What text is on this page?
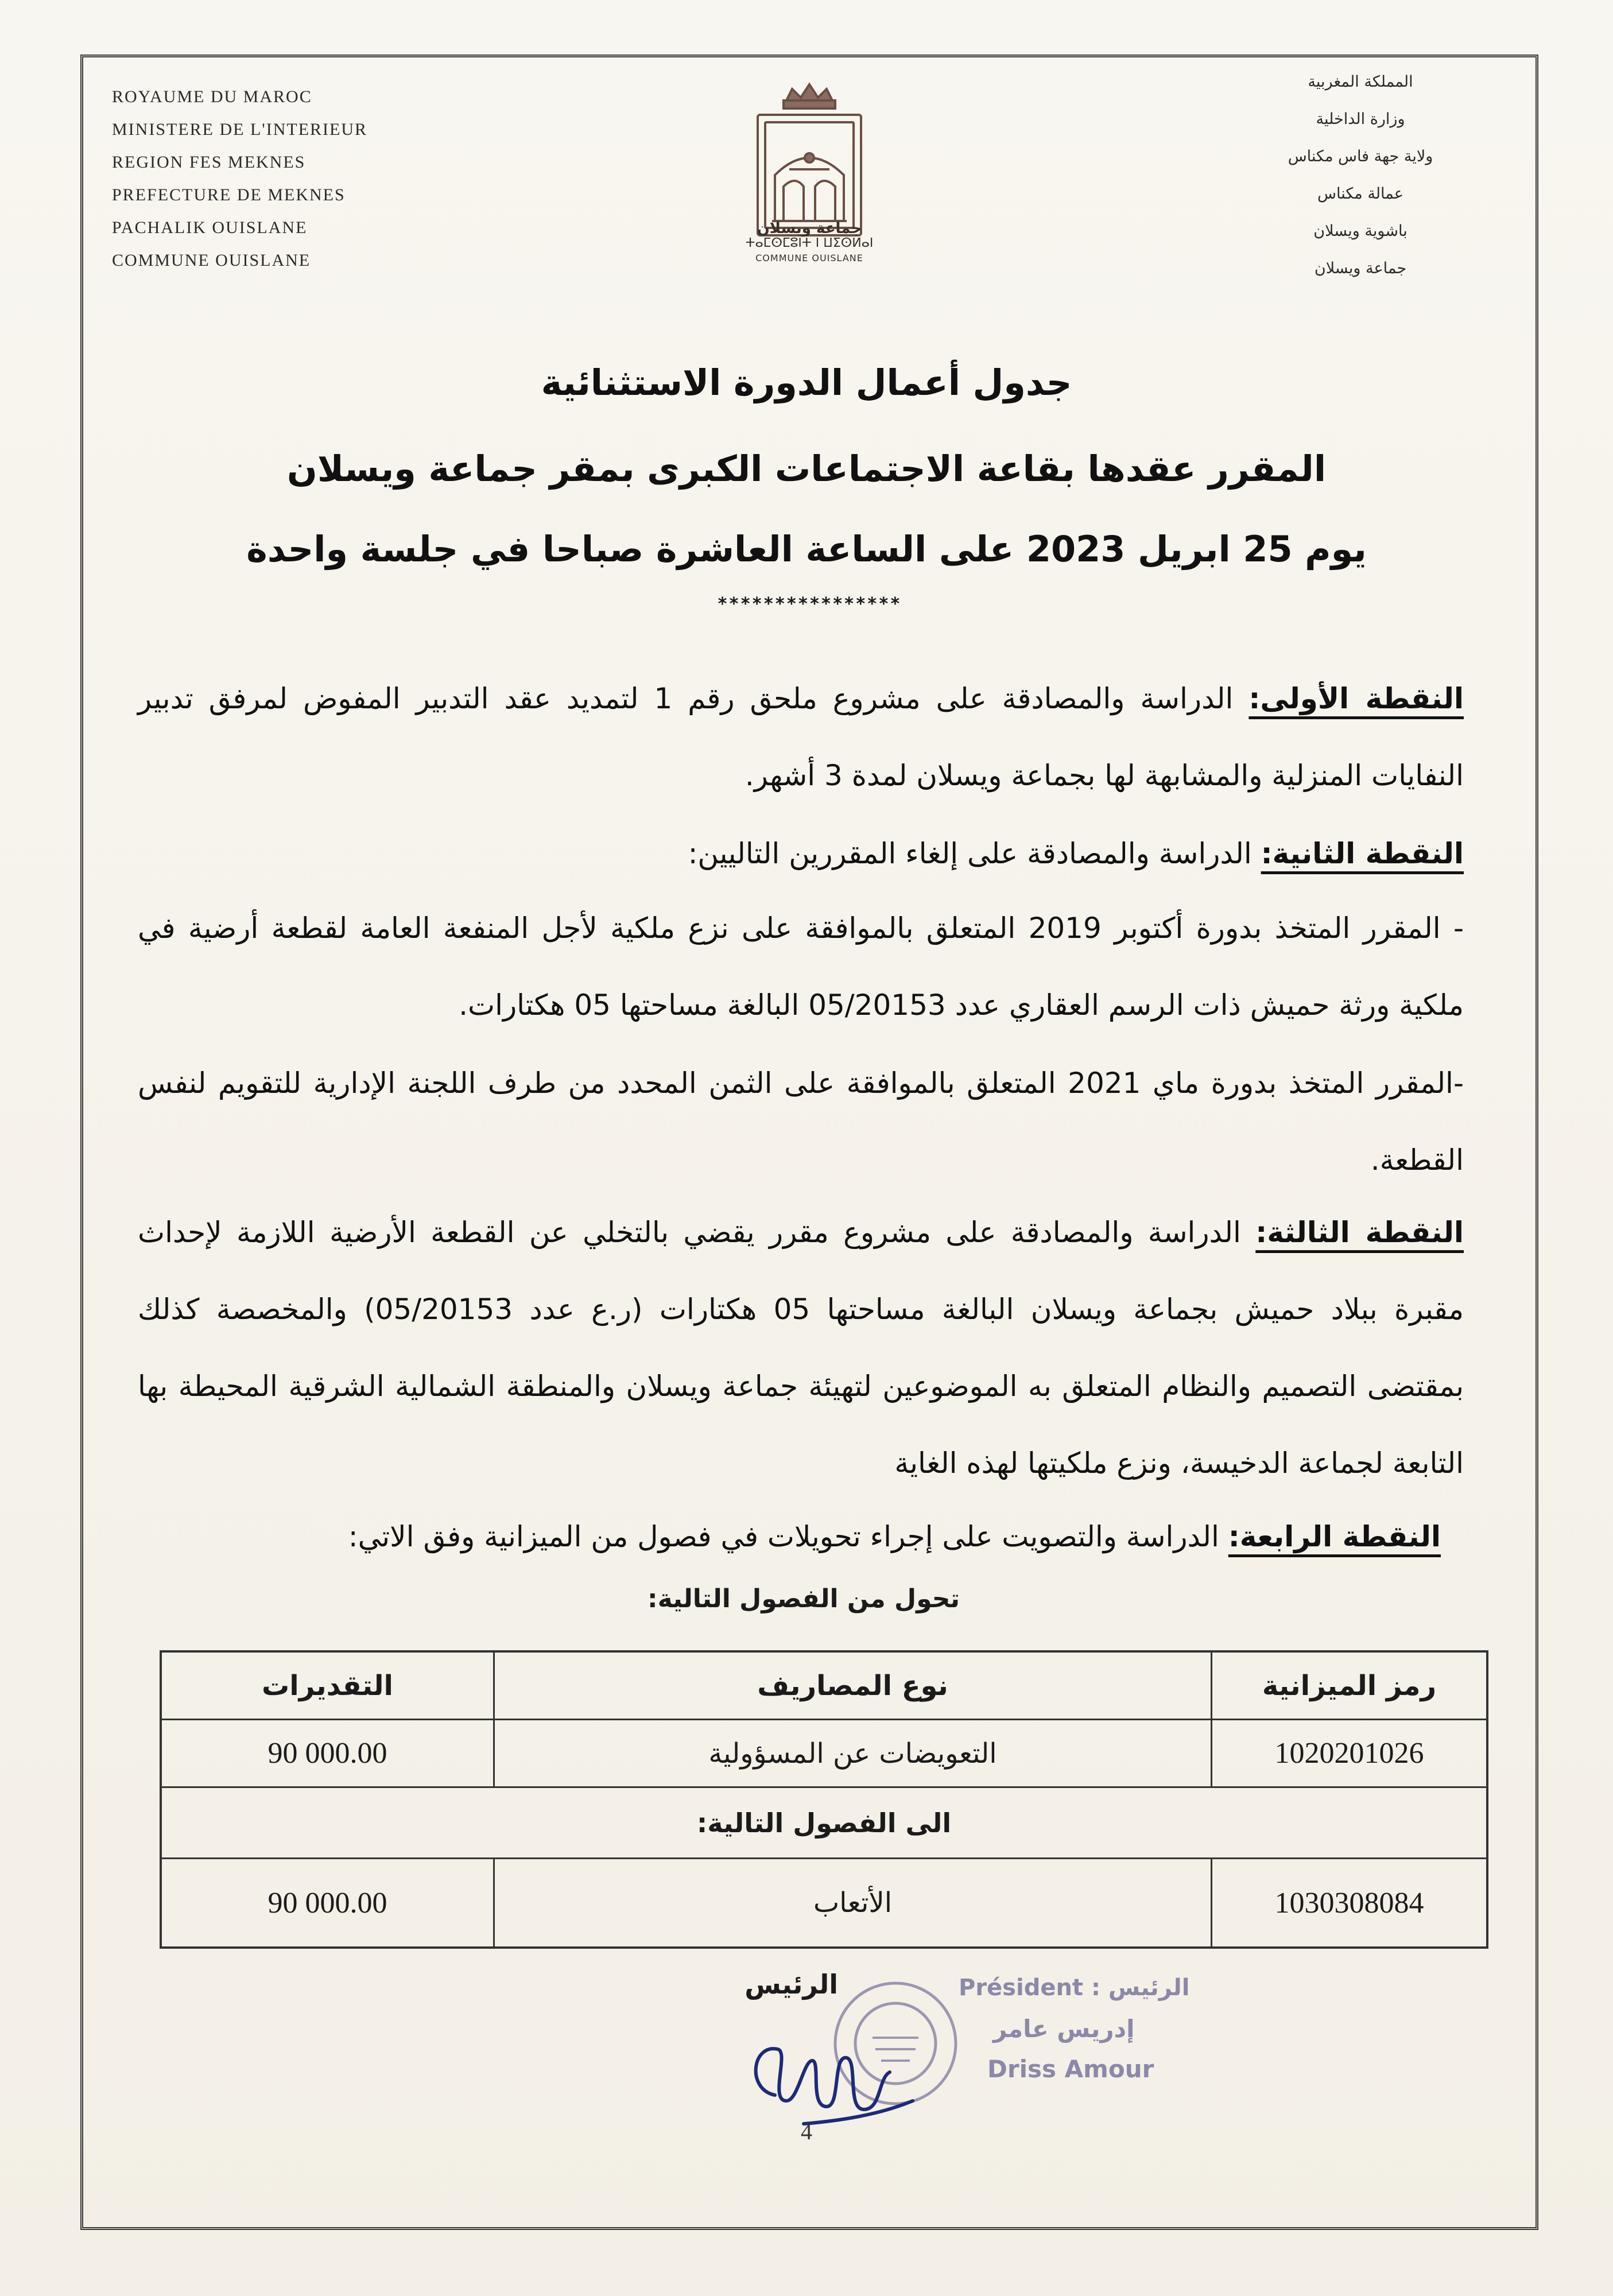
ROYAUME DU MAROC
MINISTERE DE L'INTERIEUR
REGION FES MEKNES
PREFECTURE DE MEKNES
PACHALIK OUISLANE
COMMUNE OUISLANE
جماعة ويسلان
ⵜⴰⵎⵙⵎⵓⵏⵜ ⵏ ⵡⵉⵙⵍⴰⵏ
COMMUNE OUISLANE
المملكة المغربية
وزارة الداخلية
ولاية جهة فاس مكناس
عمالة مكناس
باشوية ويسلان
جماعة ويسلان
جدول أعمال الدورة الاستثنائية
المقرر عقدها بقاعة الاجتماعات الكبرى بمقر جماعة ويسلان
يوم 25 ابريل 2023 على الساعة العاشرة صباحا في جلسة واحدة
****************
النقطة الأولى: الدراسة والمصادقة على مشروع ملحق رقم 1 لتمديد عقد التدبير المفوض لمرفق تدبير النفايات المنزلية والمشابهة لها بجماعة ويسلان لمدة 3 أشهر.
النقطة الثانية: الدراسة والمصادقة على إلغاء المقررين التاليين:
- المقرر المتخذ بدورة أكتوبر 2019 المتعلق بالموافقة على نزع ملكية لأجل المنفعة العامة لقطعة أرضية في ملكية ورثة حميش ذات الرسم العقاري عدد 05/20153 البالغة مساحتها 05 هكتارات.
-المقرر المتخذ بدورة ماي 2021 المتعلق بالموافقة على الثمن المحدد من طرف اللجنة الإدارية للتقويم لنفس القطعة.
النقطة الثالثة: الدراسة والمصادقة على مشروع مقرر يقضي بالتخلي عن القطعة الأرضية اللازمة لإحداث مقبرة ببلاد حميش بجماعة ويسلان البالغة مساحتها 05 هكتارات (ر.ع عدد 05/20153) والمخصصة كذلك بمقتضى التصميم والنظام المتعلق به الموضوعين لتهيئة جماعة ويسلان والمنطقة الشمالية الشرقية المحيطة بها التابعة لجماعة الدخيسة، ونزع ملكيتها لهذه الغاية
النقطة الرابعة: الدراسة والتصويت على إجراء تحويلات في فصول من الميزانية وفق الاتي:
تحول من الفصول التالية:
رمز الميزانية
نوع المصاريف
التقديرات
1020201026
التعويضات عن المسؤولية
90 000.00
الى الفصول التالية:
1030308084
الأتعاب
90 000.00
الرئيس	Président : الرئيس
إدريس عامر
Driss Amour
4
